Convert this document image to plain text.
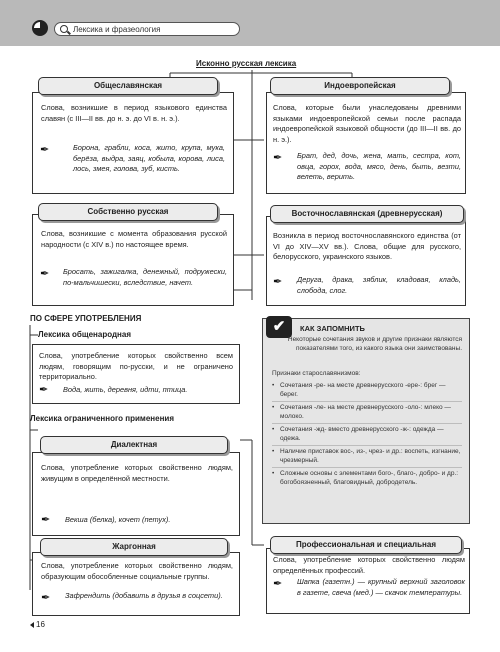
Лексика и фразеология
Исконно русская лексика
Слова, возникшие в период языкового единства славян (с III—II вв. до н. э. до VI в. н. э.).
✒	Борона, грабли, коса, жито, крупа, мука, берёза, выдра, заяц, кобыла, корова, лиса, лось, змея, голова, зуб, кисть.
Общеславянская
Слова, которые были унаследованы древними языками индоевропейской семьи после распада индоевропейской языковой общности (до III—II вв. до н. э.).
✒ Брат, дед, дочь, жена, мать, сестра, кот, овца, горох, вода, мясо, день, быть, везти, велеть, верить.
Индоевропейская
Слова, возникшие с момента образования русской народности (с XIV в.) по настоящее время.
✒ Бросать, зажигалка, денежный, подружески, по-мальчишески, вследствие, начет.
Собственно русская
Возникла в период восточнославянского единства (от VI до XIV—XV вв.). Слова, общие для русского, белорусского, украинского языков.
✒ Деруга, драка, зяблик, кладовая, кладь, слобода, слог.
Восточнославянская (древнерусская)
ПО СФЕРЕ УПОТРЕБЛЕНИЯ
Лексика общенародная
Слова, употребление которых свойственно всем людям, говорящим по-русски, и не ограничено территориально.
✒ Вода, жить, деревня, идти, птица.
Лексика ограниченного применения
Слова, употребление которых свойственно людям, живущим в определённой местности.
✒ Векша (белка), кочет (петух).
Диалектная
Слова, употребление которых свойственно людям, образующим обособленные социальные группы.
✒ Зафрендить (добавить в друзья в соцсети).
Жаргонная
Слова, употребление которых свойственно людям определённых профессий.
✒ Шапка (газетн.) — крупный верхний заголовок в газете, свеча (мед.) — скачок температуры.
Профессиональная и специальная
✔	КАК ЗАПОМНИТЬ
Некоторые сочетания звуков и другие признаки являются показателями того, из какого языка они заимствованы.
Признаки старославянизмов:
• Сочетания -ре- на месте древнерусского -ере-: брег — берег.
• Сочетания -ле- на месте древнерусского -оло-: млеко — молоко.
• Сочетания -жд- вместо древнерусского -ж-: одежда — одежа.
• Наличие приставок вос-, из-, чрез- и др.: воспеть, изгнание, чрезмерный.
• Сложные основы с элементами бого-, благо-, добро- и др.: богобоязненный, благовидный, добродетель.
16
